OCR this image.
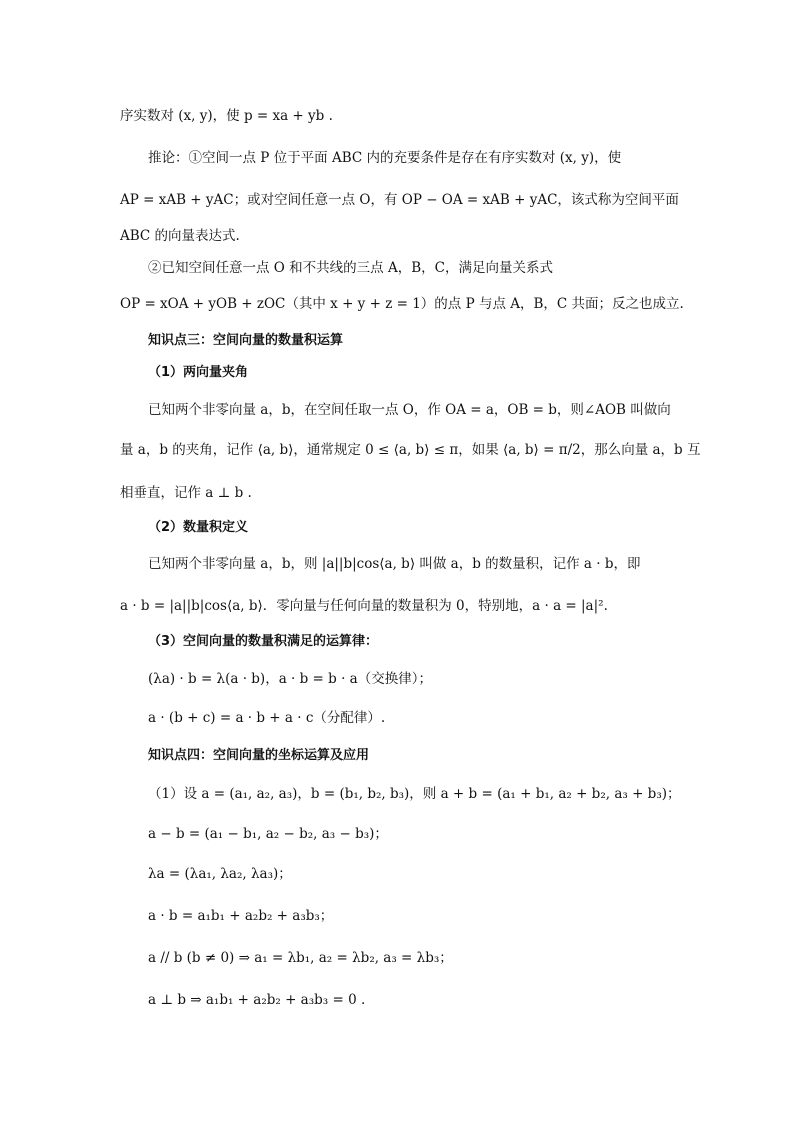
序实数对 (x, y)，使 p = xa + yb .
推论：①空间一点 P 位于平面 ABC 内的充要条件是存在有序实数对 (x, y)，使
AP = xAB + yAC；或对空间任意一点 O，有 OP − OA = xAB + yAC，该式称为空间平面
ABC 的向量表达式.
②已知空间任意一点 O 和不共线的三点 A，B，C，满足向量关系式
OP = xOA + yOB + zOC（其中 x + y + z = 1）的点 P 与点 A，B，C 共面；反之也成立.
知识点三：空间向量的数量积运算
（1）两向量夹角
已知两个非零向量 a，b，在空间任取一点 O，作 OA = a，OB = b，则∠AOB 叫做向
量 a，b 的夹角，记作 ⟨a, b⟩，通常规定 0 ≤ ⟨a, b⟩ ≤ π，如果 ⟨a, b⟩ = π/2，那么向量 a，b 互
相垂直，记作 a ⊥ b .
（2）数量积定义
已知两个非零向量 a，b，则 |a||b|cos⟨a, b⟩ 叫做 a，b 的数量积，记作 a · b，即
a · b = |a||b|cos⟨a, b⟩．零向量与任何向量的数量积为 0，特别地，a · a = |a|².
（3）空间向量的数量积满足的运算律：
(λa) · b = λ(a · b)，a · b = b · a（交换律）；
a · (b + c) = a · b + a · c（分配律）.
知识点四：空间向量的坐标运算及应用
（1）设 a = (a₁, a₂, a₃)，b = (b₁, b₂, b₃)，则 a + b = (a₁ + b₁, a₂ + b₂, a₃ + b₃)；
a − b = (a₁ − b₁, a₂ − b₂, a₃ − b₃)；
λa = (λa₁, λa₂, λa₃)；
a · b = a₁b₁ + a₂b₂ + a₃b₃；
a // b (b ≠ 0) ⇒ a₁ = λb₁, a₂ = λb₂, a₃ = λb₃；
a ⊥ b ⇒ a₁b₁ + a₂b₂ + a₃b₃ = 0 .
